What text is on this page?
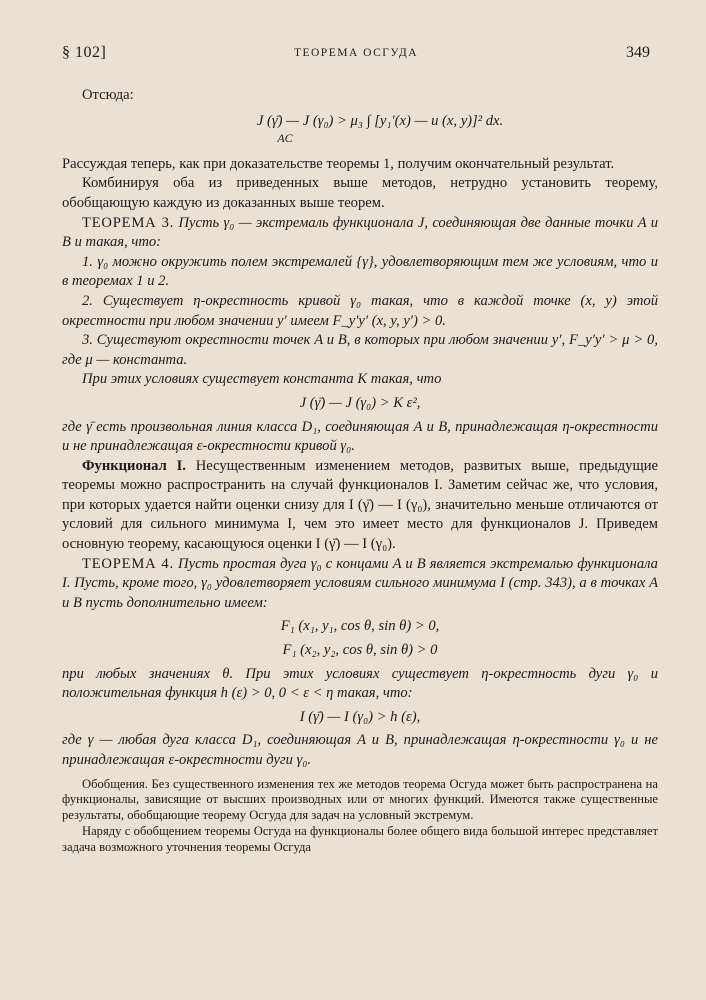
§ 102]	ТЕОРЕМА ОСГУДА	349

Отсюда:

J (γ̄) — J (γ₀) > μ₃ ∫ [y₁′(x) — u (x, y)]² dx.

AC

Рассуждая теперь, как при доказательстве теоремы 1, получим окончательный результат.

Комбинируя оба из приведенных выше методов, нетрудно установить теорему, обобщающую каждую из доказанных выше теорем.

ТЕОРЕМА 3. Пусть γ₀ — экстремаль функционала J, соединяющая две данные точки A и B и такая, что:

1. γ₀ можно окружить полем экстремалей {γ}, удовлетворяющим тем же условиям, что и в теоремах 1 и 2.

2. Существует η-окрестность кривой γ₀ такая, что в каждой точке (x, y) этой окрестности при любом значении y′ имеем F_y′y′ (x, y, y′) > 0.

3. Существуют окрестности точек A и B, в которых при любом значении y′, F_y′y′ > μ > 0, где μ — константа.

При этих условиях существует константа K такая, что

J (γ̄) — J (γ₀) > K ε²,

где γ̄ есть произвольная линия класса D₁, соединяющая A и B, принадлежащая η-окрестности и не принадлежащая ε-окрестности кривой γ₀.

Функционал I. Несущественным изменением методов, развитых выше, предыдущие теоремы можно распространить на случай функционалов I. Заметим сейчас же, что условия, при которых удается найти оценки снизу для I (γ̄) — I (γ₀), значительно меньше отличаются от условий для сильного минимума I, чем это имеет место для функционалов J. Приведем основную теорему, касающуюся оценки I (γ̄) — I (γ₀).

ТЕОРЕМА 4. Пусть простая дуга γ₀ с концами A и B является экстремалью функционала I. Пусть, кроме того, γ₀ удовлетворяет условиям сильного минимума I (стр. 343), а в точках A и B пусть дополнительно имеем:

F₁ (x₁, y₁, cos θ, sin θ) > 0,

F₁ (x₂, y₂, cos θ, sin θ) > 0

при любых значениях θ. При этих условиях существует η-окрестность дуги γ₀ и положительная функция h (ε) > 0, 0 < ε < η такая, что:

I (γ̄) — I (γ₀) > h (ε),

где γ — любая дуга класса D₁, соединяющая A и B, принадлежащая η-окрестности γ₀ и не принадлежащая ε-окрестности дуги γ₀.

Обобщения. Без существенного изменения тех же методов теорема Осгуда может быть распространена на функционалы, зависящие от высших производных или от многих функций. Имеются также существенные результаты, обобщающие теорему Осгуда для задач на условный экстремум.

Наряду с обобщением теоремы Осгуда на функционалы более общего вида большой интерес представляет задача возможного уточнения теоремы Осгуда
